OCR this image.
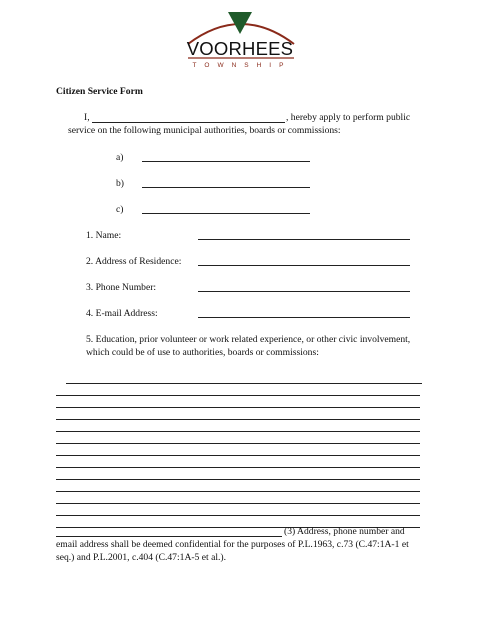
VOORHEES
TOWNSHIP
Citizen Service Form
I,	, hereby apply to perform public
service on the following municipal authorities, boards or commissions:
a)
b)
c)
1. Name:
2. Address of Residence:
3. Phone Number:
4. E-mail Address:
5. Education, prior volunteer or work related experience, or other civic involvement,
which could be of use to authorities, boards or commissions:
(3) Address, phone number and
email address shall be deemed confidential for the purposes of P.L.1963, c.73 (C.47:1A-1 et
seq.) and P.L.2001, c.404 (C.47:1A-5 et al.).
